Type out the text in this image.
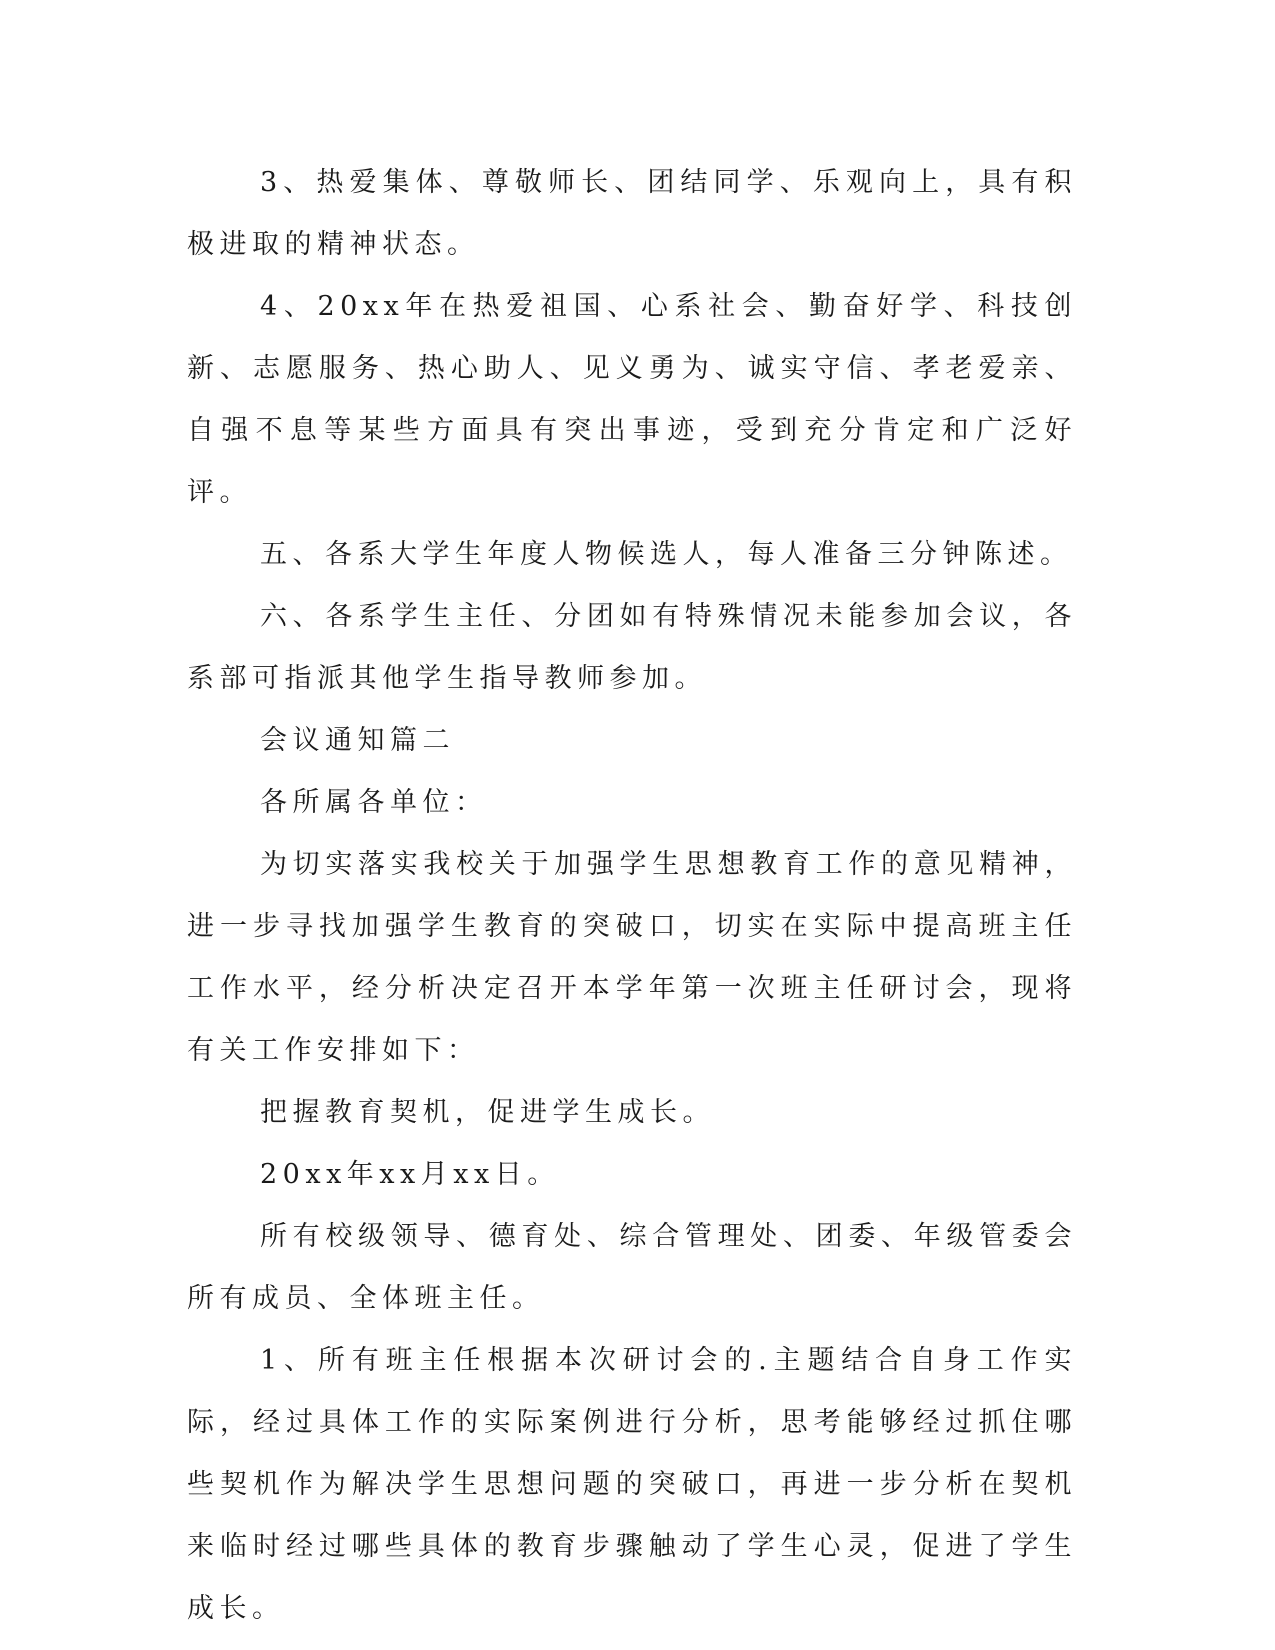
3、热爱集体、尊敬师长、团结同学、乐观向上，具有积极进取的精神状态。

4、20xx年在热爱祖国、心系社会、勤奋好学、科技创新、志愿服务、热心助人、见义勇为、诚实守信、孝老爱亲、自强不息等某些方面具有突出事迹，受到充分肯定和广泛好评。

五、各系大学生年度人物候选人，每人准备三分钟陈述。

六、各系学生主任、分团如有特殊情况未能参加会议，各系部可指派其他学生指导教师参加。

会议通知篇二

各所属各单位：

为切实落实我校关于加强学生思想教育工作的意见精神，进一步寻找加强学生教育的突破口，切实在实际中提高班主任工作水平，经分析决定召开本学年第一次班主任研讨会，现将有关工作安排如下：

把握教育契机，促进学生成长。

20xx年xx月xx日。

所有校级领导、德育处、综合管理处、团委、年级管委会所有成员、全体班主任。

1、所有班主任根据本次研讨会的.主题结合自身工作实际，经过具体工作的实际案例进行分析，思考能够经过抓住哪些契机作为解决学生思想问题的突破口，再进一步分析在契机来临时经过哪些具体的教育步骤触动了学生心灵，促进了学生成长。
